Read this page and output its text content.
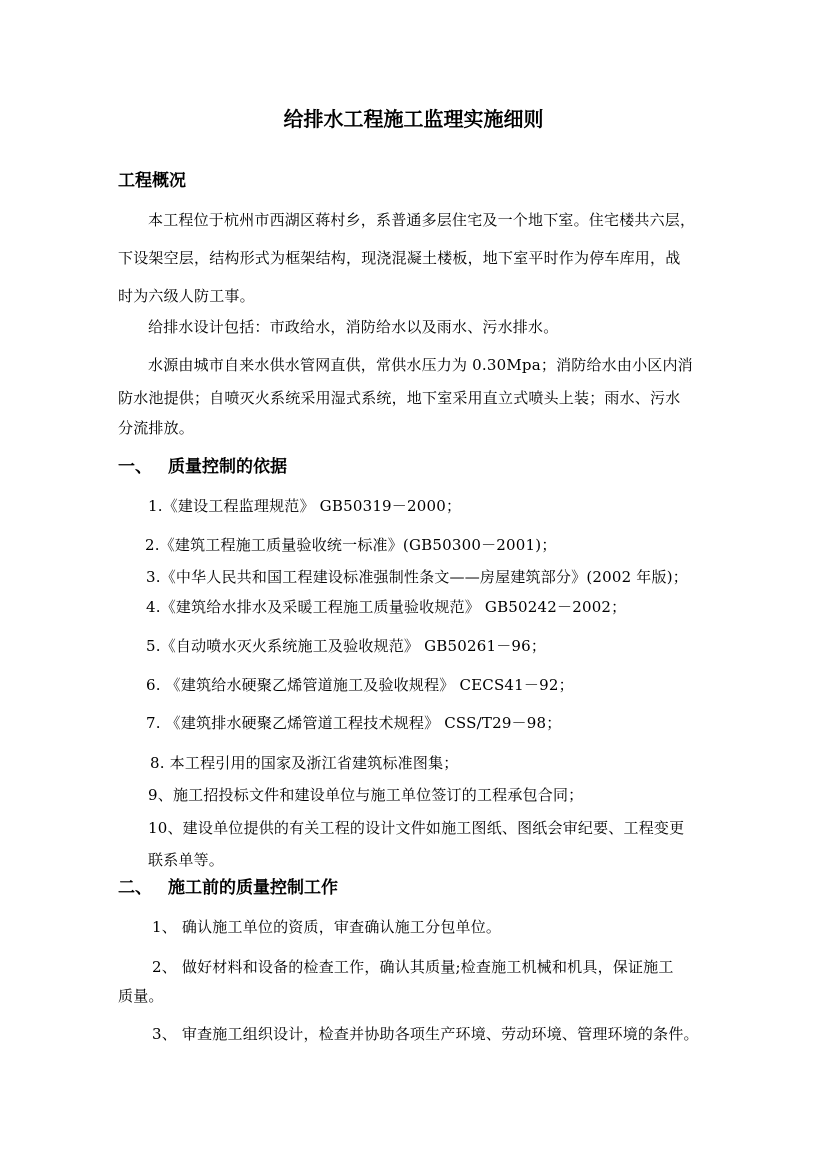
给排水工程施工监理实施细则
工程概况
本工程位于杭州市西湖区蒋村乡，系普通多层住宅及一个地下室。住宅楼共六层，
下设架空层，结构形式为框架结构，现浇混凝土楼板，地下室平时作为停车库用，战
时为六级人防工事。
给排水设计包括：市政给水，消防给水以及雨水、污水排水。
水源由城市自来水供水管网直供，常供水压力为 0.30Mpa；消防给水由小区内消
防水池提供；自喷灭火系统采用湿式系统，地下室采用直立式喷头上装；雨水、污水
分流排放。
一、 质量控制的依据
1.《建设工程监理规范》 GB50319－2000；
2.《建筑工程施工质量验收统一标准》(GB50300－2001)；
3.《中华人民共和国工程建设标准强制性条文——房屋建筑部分》(2002 年版)；
4.《建筑给水排水及采暖工程施工质量验收规范》 GB50242－2002；
5.《自动喷水灭火系统施工及验收规范》 GB50261－96；
6. 《建筑给水硬聚乙烯管道施工及验收规程》 CECS41－92；
7. 《建筑排水硬聚乙烯管道工程技术规程》 CSS/T29－98；
8. 本工程引用的国家及浙江省建筑标准图集；
9、施工招投标文件和建设单位与施工单位签订的工程承包合同；
10、建设单位提供的有关工程的设计文件如施工图纸、图纸会审纪要、工程变更
联系单等。
二、 施工前的质量控制工作
1、 确认施工单位的资质，审查确认施工分包单位。
2、 做好材料和设备的检查工作，确认其质量;检查施工机械和机具，保证施工
质量。
3、 审查施工组织设计，检查并协助各项生产环境、劳动环境、管理环境的条件。
